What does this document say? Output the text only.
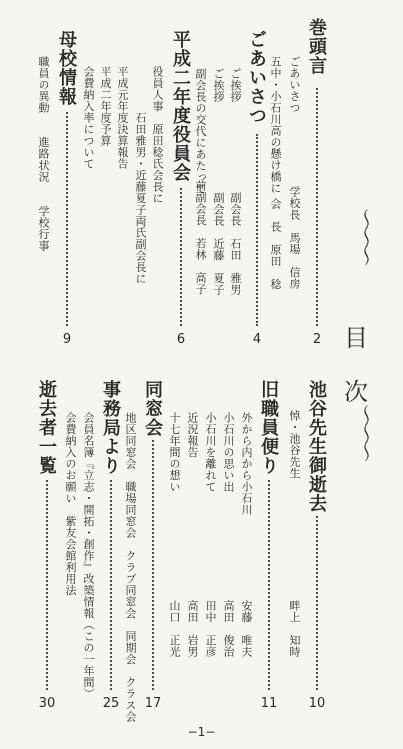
〜〜〜
目
次
〜〜〜
巻頭言
2
ごあいさつ
学校長　馬場　信房
五中・小石川高の懸け橋に
会　長　原田　稔
ごあいさつ
4
ご挨拶
副会長　石田　雅男
ご挨拶
副会長　近藤　夏子
副会長の交代にあたって
前副会長　若林　高子
平成二年度役員会
6
役員人事　原田稔氏会長に
石田雅男・近藤夏子両氏副会長に
平成元年度決算報告
平成二年度予算
会費納入率について
母校情報
9
職員の異動　　進路状況　　学校行事
池谷先生御逝去
10
悼・池谷先生
畔上　知時
旧職員便り
11
外から内から小石川
安藤　唯夫
小石川の思い出
高田　俊治
小石川を離れて
田中　正彦
近況報告
高田　岩男
十七年間の想い
山口　正光
同窓会
17
地区同窓会　職場同窓会　クラブ同窓会　同期会　クラス会
事務局より
25
会員名簿『立志・開拓・創作』改築情報（この一年間）
会費納入のお願い　紫友会館利用法
逝去者一覧
30
−1−
